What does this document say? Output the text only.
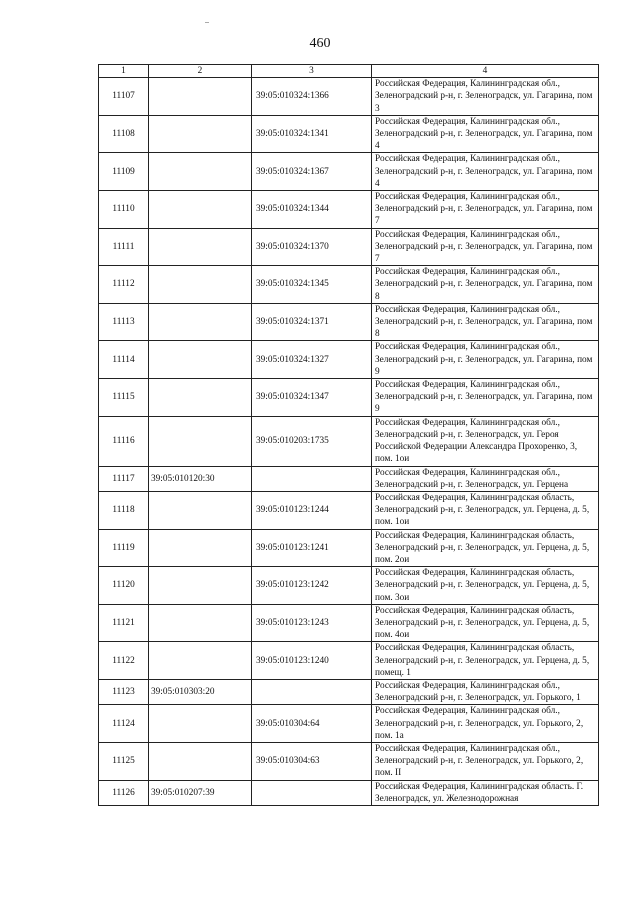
460
1	2	3	4
11107		39:05:010324:1366	Российская Федерация, Калининградская обл., Зеленоградский р-н, г. Зеленоградск, ул. Гагарина, пом 3
11108		39:05:010324:1341	Российская Федерация, Калининградская обл., Зеленоградский р-н, г. Зеленоградск, ул. Гагарина, пом 4
11109		39:05:010324:1367	Российская Федерация, Калининградская обл., Зеленоградский р-н, г. Зеленоградск, ул. Гагарина, пом 4
11110		39:05:010324:1344	Российская Федерация, Калининградская обл., Зеленоградский р-н, г. Зеленоградск, ул. Гагарина, пом 7
11111		39:05:010324:1370	Российская Федерация, Калининградская обл., Зеленоградский р-н, г. Зеленоградск, ул. Гагарина, пом 7
11112		39:05:010324:1345	Российская Федерация, Калининградская обл., Зеленоградский р-н, г. Зеленоградск, ул. Гагарина, пом 8
11113		39:05:010324:1371	Российская Федерация, Калининградская обл., Зеленоградский р-н, г. Зеленоградск, ул. Гагарина, пом 8
11114		39:05:010324:1327	Российская Федерация, Калининградская обл., Зеленоградский р-н, г. Зеленоградск, ул. Гагарина, пом 9
11115		39:05:010324:1347	Российская Федерация, Калининградская обл., Зеленоградский р-н, г. Зеленоградск, ул. Гагарина, пом 9
11116		39:05:010203:1735	Российская Федерация, Калининградская обл., Зеленоградский р-н, г. Зеленоградск, ул. Героя Российской Федерации Александра Прохоренко, 3, пом. 1ои
11117	39:05:010120:30		Российская Федерация, Калининградская обл., Зеленоградский р-н, г. Зеленоградск, ул. Герцена
11118		39:05:010123:1244	Российская Федерация, Калининградская область, Зеленоградский р-н, г. Зеленоградск, ул. Герцена, д. 5, пом. 1ои
11119		39:05:010123:1241	Российская Федерация, Калининградская область, Зеленоградский р-н, г. Зеленоградск, ул. Герцена, д. 5, пом. 2ои
11120		39:05:010123:1242	Российская Федерация, Калининградская область, Зеленоградский р-н, г. Зеленоградск, ул. Герцена, д. 5, пом. 3ои
11121		39:05:010123:1243	Российская Федерация, Калининградская область, Зеленоградский р-н, г. Зеленоградск, ул. Герцена, д. 5, пом. 4ои
11122		39:05:010123:1240	Российская Федерация, Калининградская область, Зеленоградский р-н, г. Зеленоградск, ул. Герцена, д. 5, помещ. 1
11123	39:05:010303:20		Российская Федерация, Калининградская обл., Зеленоградский р-н, г. Зеленоградск, ул. Горького, 1
11124		39:05:010304:64	Российская Федерация, Калининградская обл., Зеленоградский р-н, г. Зеленоградск, ул. Горького, 2, пом. 1а
11125		39:05:010304:63	Российская Федерация, Калининградская обл., Зеленоградский р-н, г. Зеленоградск, ул. Горького, 2, пом. II
11126	39:05:010207:39		Российская Федерация, Калининградская область. Г. Зеленоградск, ул. Железнодорожная
